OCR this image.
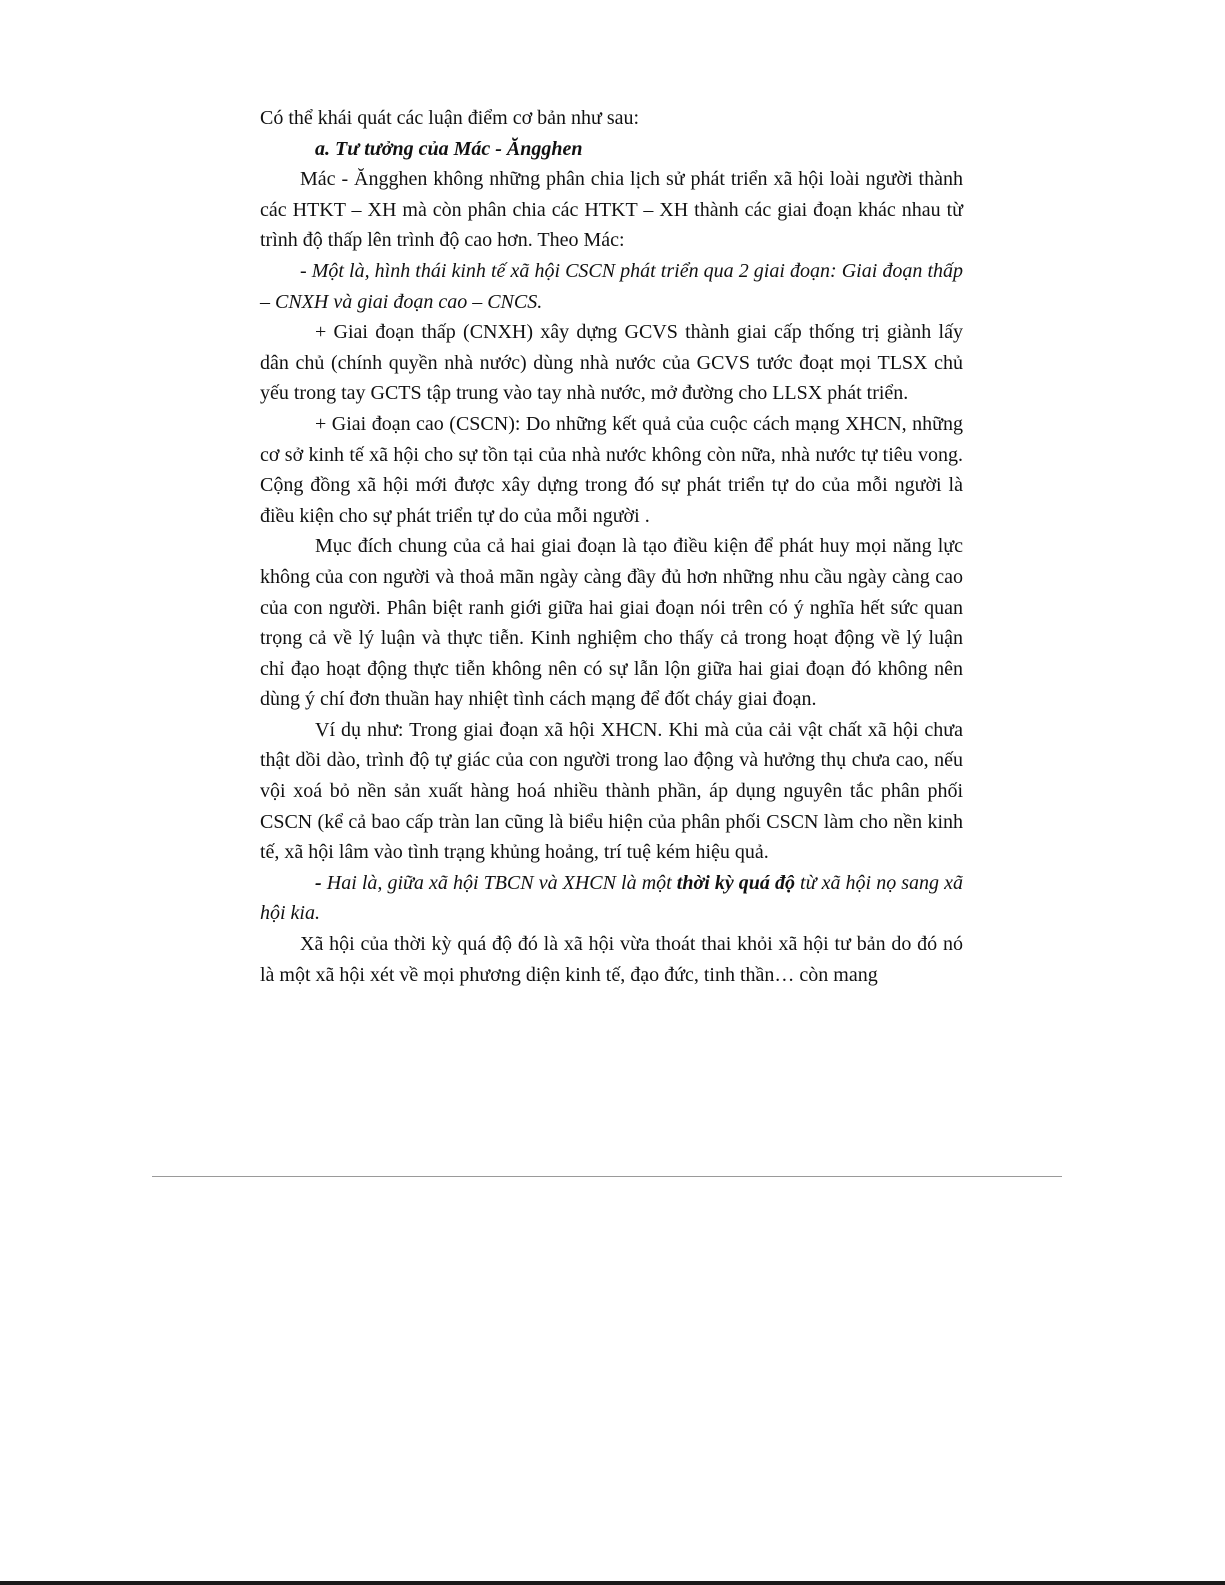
Có thể khái quát các luận điểm cơ bản như sau:

a. Tư tưởng của Mác - Ăngghen

Mác - Ăngghen không những phân chia lịch sử phát triển xã hội loài người thành các HTKT – XH mà còn phân chia các HTKT – XH thành các giai đoạn khác nhau từ trình độ thấp lên trình độ cao hơn. Theo Mác:

- Một là, hình thái kinh tế xã hội CSCN phát triển qua 2 giai đoạn: Giai đoạn thấp – CNXH và giai đoạn cao – CNCS.

+ Giai đoạn thấp (CNXH) xây dựng GCVS thành giai cấp thống trị giành lấy dân chủ (chính quyền nhà nước) dùng nhà nước của GCVS tước đoạt mọi TLSX chủ yếu trong tay GCTS tập trung vào tay nhà nước, mở đường cho LLSX phát triển.

+ Giai đoạn cao (CSCN): Do những kết quả của cuộc cách mạng XHCN, những cơ sở kinh tế xã hội cho sự tồn tại của nhà nước không còn nữa, nhà nước tự tiêu vong. Cộng đồng xã hội mới được xây dựng trong đó sự phát triển tự do của mỗi người là điều kiện cho sự phát triển tự do của mỗi người .

Mục đích chung của cả hai giai đoạn là tạo điều kiện để phát huy mọi năng lực không của con người và thoả mãn ngày càng đầy đủ hơn những nhu cầu ngày càng cao của con người. Phân biệt ranh giới giữa hai giai đoạn nói trên có ý nghĩa hết sức quan trọng cả về lý luận và thực tiễn. Kinh nghiệm cho thấy cả trong hoạt động về lý luận chỉ đạo hoạt động thực tiễn không nên có sự lẫn lộn giữa hai giai đoạn đó không nên dùng ý chí đơn thuần hay nhiệt tình cách mạng để đốt cháy giai đoạn.

Ví dụ như: Trong giai đoạn xã hội XHCN. Khi mà của cải vật chất xã hội chưa thật dồi dào, trình độ tự giác của con người trong lao động và hưởng thụ chưa cao, nếu vội xoá bỏ nền sản xuất hàng hoá nhiều thành phần, áp dụng nguyên tắc phân phối CSCN (kể cả bao cấp tràn lan cũng là biểu hiện của phân phối CSCN làm cho nền kinh tế, xã hội lâm vào tình trạng khủng hoảng, trí tuệ kém hiệu quả.

- Hai là, giữa xã hội TBCN và XHCN là một thời kỳ quá độ từ xã hội nọ sang xã hội kia.

Xã hội của thời kỳ quá độ đó là xã hội vừa thoát thai khỏi xã hội tư bản do đó nó là một xã hội xét về mọi phương diện kinh tế, đạo đức, tinh thần… còn mang
